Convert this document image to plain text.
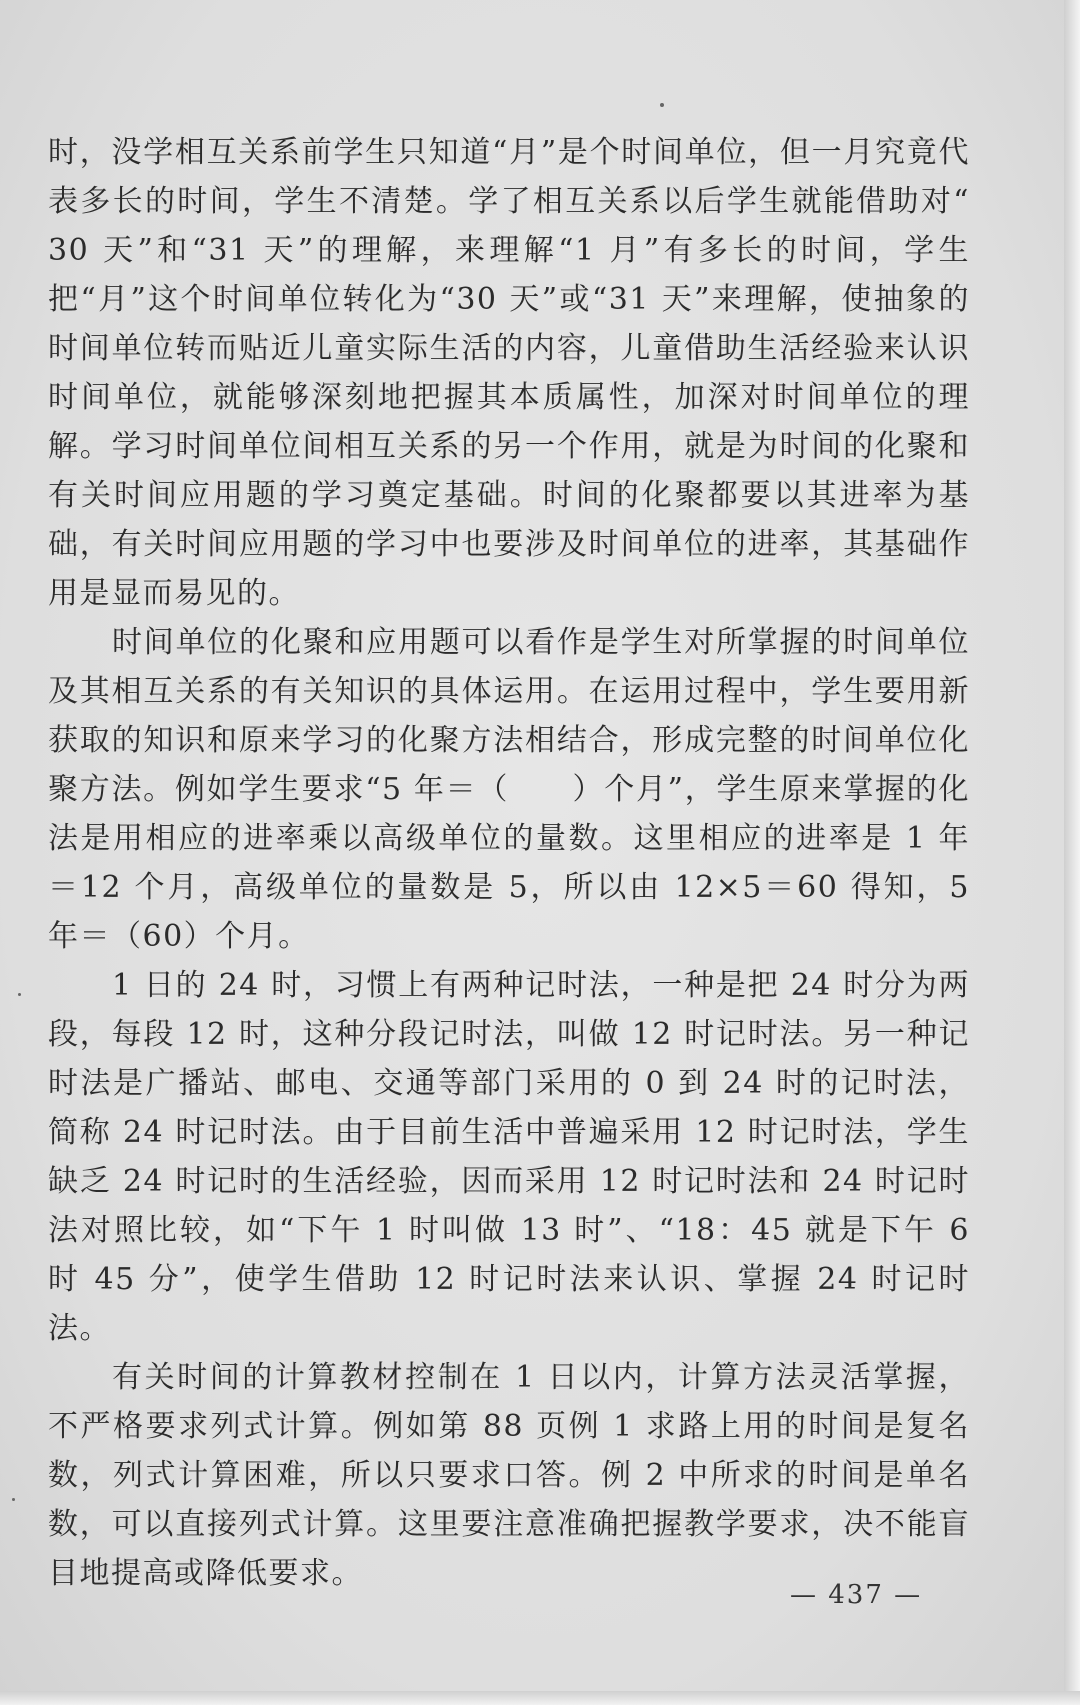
时，没学相互关系前学生只知道“月”是个时间单位，但一月究竟代表多长的时间，学生不清楚。学了相互关系以后学生就能借助对“ 30 天”和“31 天”的理解，来理解“1 月”有多长的时间，学生把“月”这个时间单位转化为“30 天”或“31 天”来理解，使抽象的时间单位转而贴近儿童实际生活的内容，儿童借助生活经验来认识时间单位，就能够深刻地把握其本质属性，加深对时间单位的理解。学习时间单位间相互关系的另一个作用，就是为时间的化聚和有关时间应用题的学习奠定基础。时间的化聚都要以其进率为基础，有关时间应用题的学习中也要涉及时间单位的进率，其基础作用是显而易见的。

时间单位的化聚和应用题可以看作是学生对所掌握的时间单位及其相互关系的有关知识的具体运用。在运用过程中，学生要用新获取的知识和原来学习的化聚方法相结合，形成完整的时间单位化聚方法。例如学生要求“5 年＝（　　）个月”，学生原来掌握的化法是用相应的进率乘以高级单位的量数。这里相应的进率是 1 年＝12 个月，高级单位的量数是 5，所以由 12×5＝60 得知，5 年＝（60）个月。

1 日的 24 时，习惯上有两种记时法，一种是把 24 时分为两段，每段 12 时，这种分段记时法，叫做 12 时记时法。另一种记时法是广播站、邮电、交通等部门采用的 0 到 24 时的记时法，简称 24 时记时法。由于目前生活中普遍采用 12 时记时法，学生缺乏 24 时记时的生活经验，因而采用 12 时记时法和 24 时记时法对照比较，如“下午 1 时叫做 13 时”、“18：45 就是下午 6 时 45 分”，使学生借助 12 时记时法来认识、掌握 24 时记时法。

有关时间的计算教材控制在 1 日以内，计算方法灵活掌握，不严格要求列式计算。例如第 88 页例 1 求路上用的时间是复名数，列式计算困难，所以只要求口答。例 2 中所求的时间是单名数，可以直接列式计算。这里要注意准确把握教学要求，决不能盲目地提高或降低要求。

— 437 —
